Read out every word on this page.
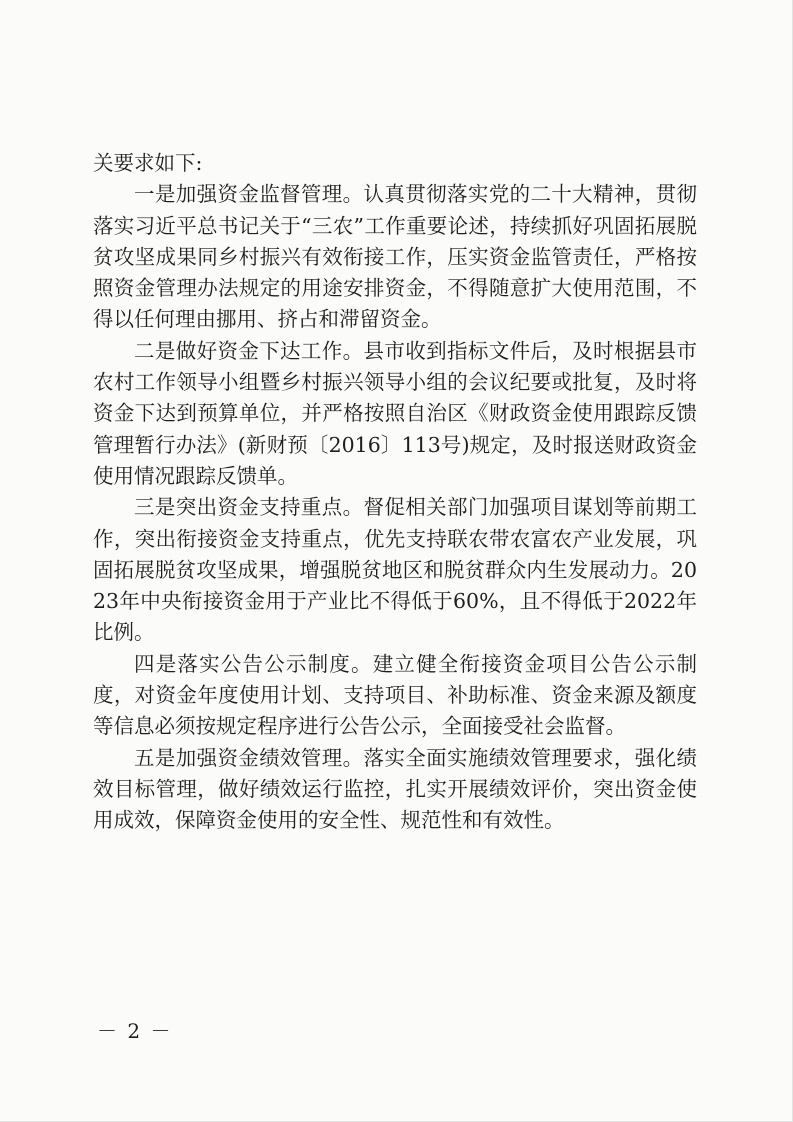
关要求如下:

一是加强资金监督管理。认真贯彻落实党的二十大精神，贯彻落实习近平总书记关于“三农”工作重要论述，持续抓好巩固拓展脱贫攻坚成果同乡村振兴有效衔接工作，压实资金监管责任，严格按照资金管理办法规定的用途安排资金，不得随意扩大使用范围，不得以任何理由挪用、挤占和滞留资金。

二是做好资金下达工作。县市收到指标文件后，及时根据县市农村工作领导小组暨乡村振兴领导小组的会议纪要或批复，及时将资金下达到预算单位，并严格按照自治区《财政资金使用跟踪反馈管理暂行办法》(新财预〔2016〕113号)规定，及时报送财政资金使用情况跟踪反馈单。

三是突出资金支持重点。督促相关部门加强项目谋划等前期工作，突出衔接资金支持重点，优先支持联农带农富农产业发展，巩固拓展脱贫攻坚成果，增强脱贫地区和脱贫群众内生发展动力。2023年中央衔接资金用于产业比不得低于60%，且不得低于2022年比例。

四是落实公告公示制度。建立健全衔接资金项目公告公示制度，对资金年度使用计划、支持项目、补助标准、资金来源及额度等信息必须按规定程序进行公告公示，全面接受社会监督。

五是加强资金绩效管理。落实全面实施绩效管理要求，强化绩效目标管理，做好绩效运行监控，扎实开展绩效评价，突出资金使用成效，保障资金使用的安全性、规范性和有效性。

－ 2 －
